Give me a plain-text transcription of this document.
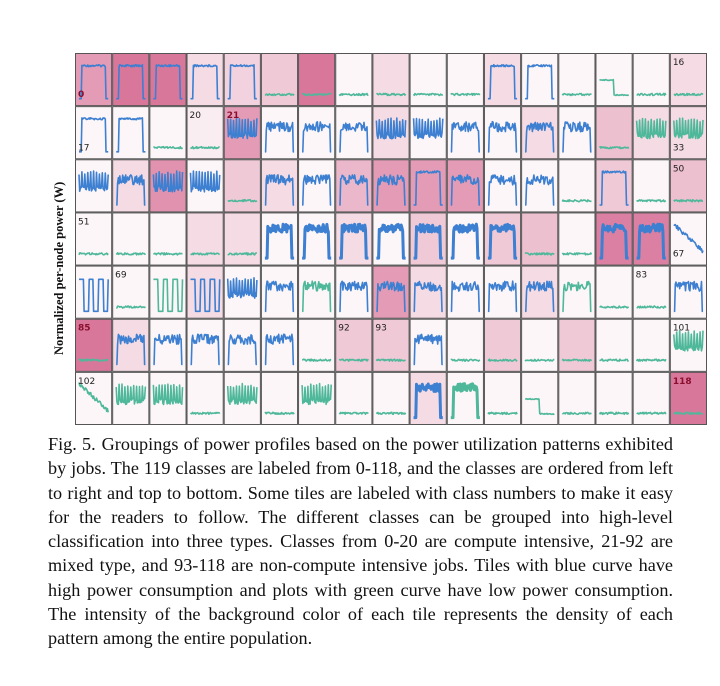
Normalized per-node power (W)
0
16
17
20	21
33
50
51
67
69	83
85	92	93	101
102	118
Fig. 5. Groupings of power profiles based on the power utilization patterns exhibited by jobs. The 119 classes are labeled from 0-118, and the classes are ordered from left to right and top to bottom. Some tiles are labeled with class numbers to make it easy for the readers to follow. The different classes can be grouped into high-level classification into three types. Classes from 0-20 are compute intensive, 21-92 are mixed type, and 93-118 are non-compute intensive jobs. Tiles with blue curve have high power consumption and plots with green curve have low power consumption. The intensity of the background color of each tile represents the density of each pattern among the entire population.
